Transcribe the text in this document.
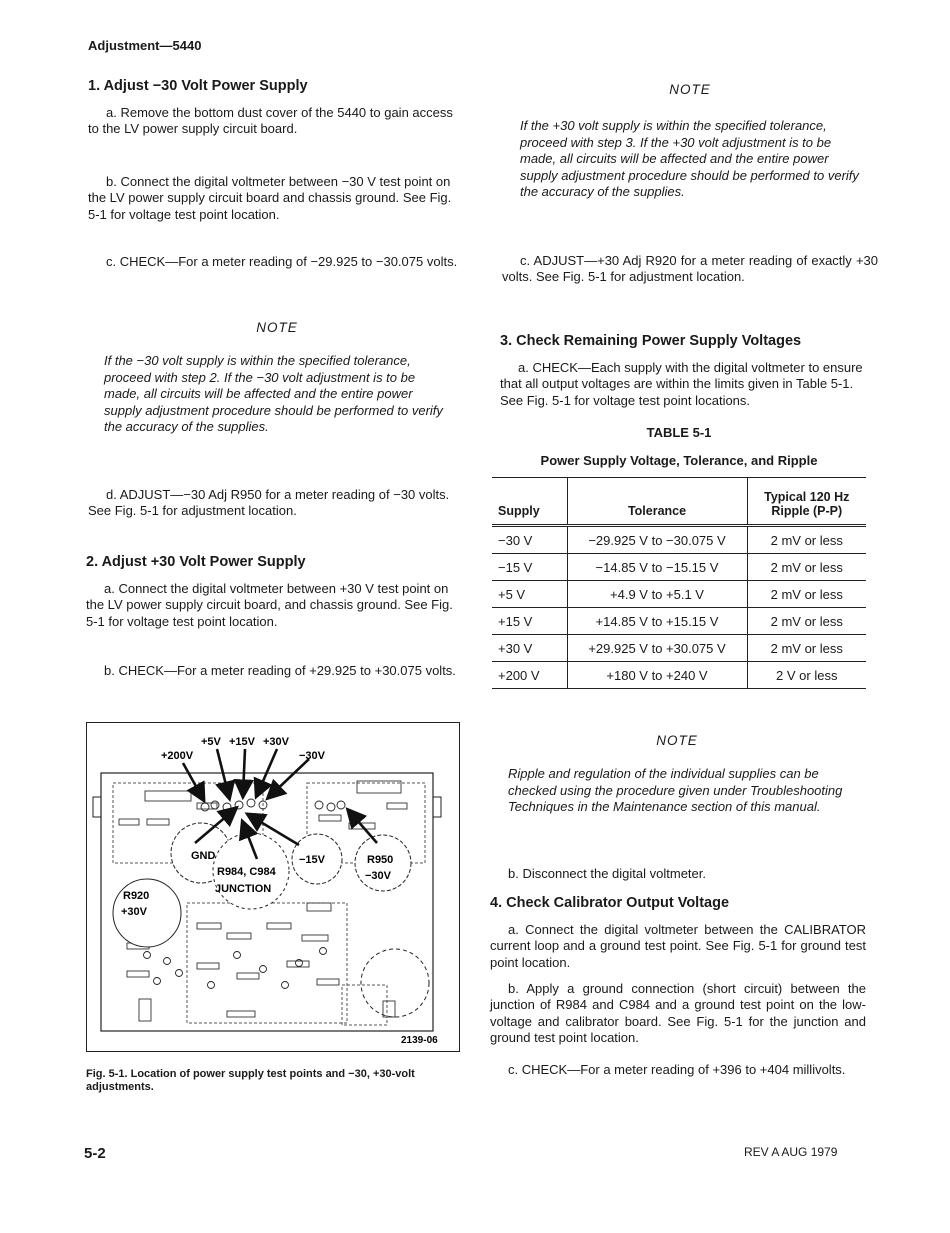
Adjustment—5440
1. Adjust −30 Volt Power Supply
a. Remove the bottom dust cover of the 5440 to gain access to the LV power supply circuit board.
b. Connect the digital voltmeter between −30 V test point on the LV power supply circuit board and chassis ground. See Fig. 5-1 for voltage test point location.
c. CHECK—For a meter reading of −29.925 to −30.075 volts.
NOTE
If the −30 volt supply is within the specified tolerance, proceed with step 2. If the −30 volt adjustment is to be made, all circuits will be affected and the entire power supply adjustment procedure should be performed to verify the accuracy of the supplies.
d. ADJUST—−30 Adj R950 for a meter reading of −30 volts. See Fig. 5-1 for adjustment location.
2. Adjust +30 Volt Power Supply
a. Connect the digital voltmeter between +30 V test point on the LV power supply circuit board, and chassis ground. See Fig. 5-1 for voltage test point location.
b. CHECK—For a meter reading of +29.925 to +30.075 volts.
+5V +15V +30V
+200V	−30V
GND	−15V	R950
−30V
R984, C984
JUNCTION
R920
+30V
2139-06
Fig. 5-1. Location of power supply test points and −30, +30-volt adjustments.
NOTE
If the +30 volt supply is within the specified tolerance, proceed with step 3. If the +30 volt adjustment is to be made, all circuits will be affected and the entire power supply adjustment procedure should be performed to verify the accuracy of the supplies.
c. ADJUST—+30 Adj R920 for a meter reading of exactly +30 volts. See Fig. 5-1 for adjustment location.
3. Check Remaining Power Supply Voltages
a. CHECK—Each supply with the digital voltmeter to ensure that all output voltages are within the limits given in Table 5-1. See Fig. 5-1 for voltage test point locations.
TABLE 5-1
Power Supply Voltage, Tolerance, and Ripple
Supply	Tolerance	Typical 120 Hz Ripple (P-P)
−30 V	−29.925 V to −30.075 V	2 mV or less
−15 V	−14.85 V to −15.15 V	2 mV or less
+5 V	+4.9 V to +5.1 V	2 mV or less
+15 V	+14.85 V to +15.15 V	2 mV or less
+30 V	+29.925 V to +30.075 V	2 mV or less
+200 V	+180 V to +240 V	2 V or less
NOTE
Ripple and regulation of the individual supplies can be checked using the procedure given under Troubleshooting Techniques in the Maintenance section of this manual.
b. Disconnect the digital voltmeter.
4. Check Calibrator Output Voltage
a. Connect the digital voltmeter between the CALIBRATOR current loop and a ground test point. See Fig. 5-1 for ground test point location.
b. Apply a ground connection (short circuit) between the junction of R984 and C984 and a ground test point on the low-voltage and calibrator board. See Fig. 5-1 for the junction and ground test point location.
c. CHECK—For a meter reading of +396 to +404 millivolts.
5-2	REV A AUG 1979
